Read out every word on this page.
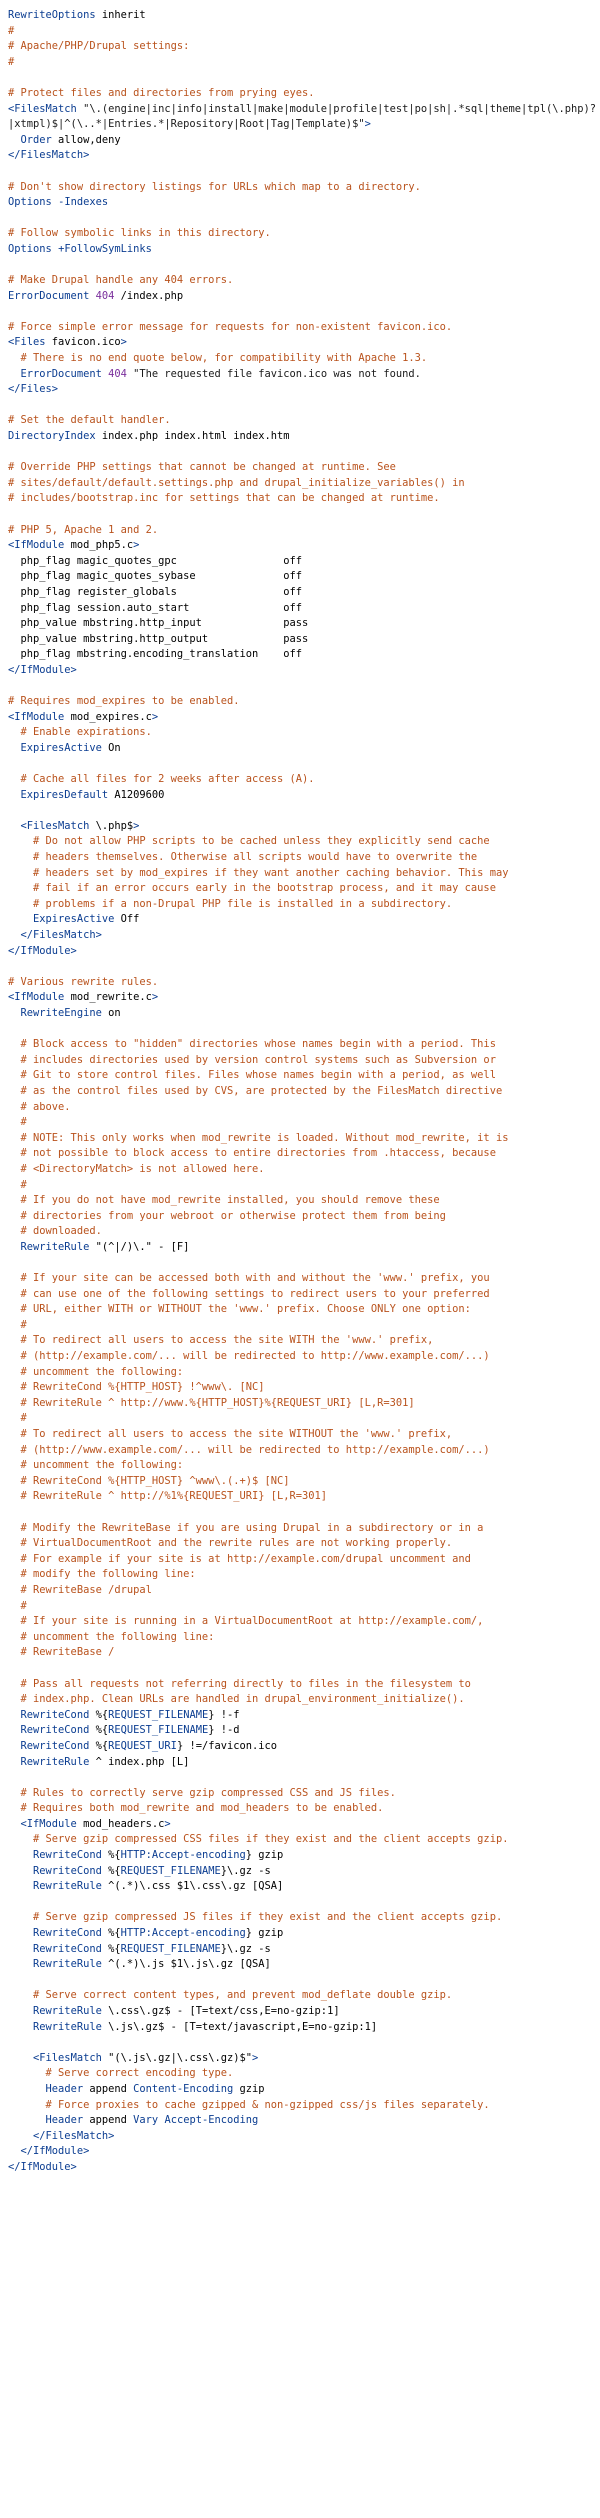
RewriteOptions inherit
#
# Apache/PHP/Drupal settings:
#
# Protect files and directories from prying eyes.
<FilesMatch "\.(engine|inc|info|install|make|module|profile|test|po|sh|.*sql|theme|tpl(\.php)?
|xtmpl)$|^(\..*|Entries.*|Repository|Root|Tag|Template)$">
Order allow,deny
</FilesMatch>
# Don't show directory listings for URLs which map to a directory.
Options -Indexes
# Follow symbolic links in this directory.
Options +FollowSymLinks
# Make Drupal handle any 404 errors.
ErrorDocument 404 /index.php
# Force simple error message for requests for non-existent favicon.ico.
<Files favicon.ico>
# There is no end quote below, for compatibility with Apache 1.3.
ErrorDocument 404 "The requested file favicon.ico was not found.
</Files>
# Set the default handler.
DirectoryIndex index.php index.html index.htm
# Override PHP settings that cannot be changed at runtime. See
# sites/default/default.settings.php and drupal_initialize_variables() in
# includes/bootstrap.inc for settings that can be changed at runtime.
# PHP 5, Apache 1 and 2.
<IfModule mod_php5.c>
php_flag magic_quotes_gpc                 off
php_flag magic_quotes_sybase              off
php_flag register_globals                 off
php_flag session.auto_start               off
php_value mbstring.http_input             pass
php_value mbstring.http_output            pass
php_flag mbstring.encoding_translation    off
</IfModule>
# Requires mod_expires to be enabled.
<IfModule mod_expires.c>
# Enable expirations.
ExpiresActive On
# Cache all files for 2 weeks after access (A).
ExpiresDefault A1209600
<FilesMatch \.php$>
# Do not allow PHP scripts to be cached unless they explicitly send cache
# headers themselves. Otherwise all scripts would have to overwrite the
# headers set by mod_expires if they want another caching behavior. This may
# fail if an error occurs early in the bootstrap process, and it may cause
# problems if a non-Drupal PHP file is installed in a subdirectory.
ExpiresActive Off
</FilesMatch>
</IfModule>
# Various rewrite rules.
<IfModule mod_rewrite.c>
RewriteEngine on
# Block access to "hidden" directories whose names begin with a period. This
# includes directories used by version control systems such as Subversion or
# Git to store control files. Files whose names begin with a period, as well
# as the control files used by CVS, are protected by the FilesMatch directive
# above.
#
# NOTE: This only works when mod_rewrite is loaded. Without mod_rewrite, it is
# not possible to block access to entire directories from .htaccess, because
# <DirectoryMatch> is not allowed here.
#
# If you do not have mod_rewrite installed, you should remove these
# directories from your webroot or otherwise protect them from being
# downloaded.
RewriteRule "(^|/)\." - [F]
# If your site can be accessed both with and without the 'www.' prefix, you
# can use one of the following settings to redirect users to your preferred
# URL, either WITH or WITHOUT the 'www.' prefix. Choose ONLY one option:
#
# To redirect all users to access the site WITH the 'www.' prefix,
# (http://example.com/... will be redirected to http://www.example.com/...)
# uncomment the following:
# RewriteCond %{HTTP_HOST} !^www\. [NC]
# RewriteRule ^ http://www.%{HTTP_HOST}%{REQUEST_URI} [L,R=301]
#
# To redirect all users to access the site WITHOUT the 'www.' prefix,
# (http://www.example.com/... will be redirected to http://example.com/...)
# uncomment the following:
# RewriteCond %{HTTP_HOST} ^www\.(.+)$ [NC]
# RewriteRule ^ http://%1%{REQUEST_URI} [L,R=301]
# Modify the RewriteBase if you are using Drupal in a subdirectory or in a
# VirtualDocumentRoot and the rewrite rules are not working properly.
# For example if your site is at http://example.com/drupal uncomment and
# modify the following line:
# RewriteBase /drupal
#
# If your site is running in a VirtualDocumentRoot at http://example.com/,
# uncomment the following line:
# RewriteBase /
# Pass all requests not referring directly to files in the filesystem to
# index.php. Clean URLs are handled in drupal_environment_initialize().
RewriteCond %{REQUEST_FILENAME} !-f
RewriteCond %{REQUEST_FILENAME} !-d
RewriteCond %{REQUEST_URI} !=/favicon.ico
RewriteRule ^ index.php [L]
# Rules to correctly serve gzip compressed CSS and JS files.
# Requires both mod_rewrite and mod_headers to be enabled.
<IfModule mod_headers.c>
# Serve gzip compressed CSS files if they exist and the client accepts gzip.
RewriteCond %{HTTP:Accept-encoding} gzip
RewriteCond %{REQUEST_FILENAME}\.gz -s
RewriteRule ^(.*)\.css $1\.css\.gz [QSA]
# Serve gzip compressed JS files if they exist and the client accepts gzip.
RewriteCond %{HTTP:Accept-encoding} gzip
RewriteCond %{REQUEST_FILENAME}\.gz -s
RewriteRule ^(.*)\.js $1\.js\.gz [QSA]
# Serve correct content types, and prevent mod_deflate double gzip.
RewriteRule \.css\.gz$ - [T=text/css,E=no-gzip:1]
RewriteRule \.js\.gz$ - [T=text/javascript,E=no-gzip:1]
<FilesMatch "(\.js\.gz|\.css\.gz)$">
# Serve correct encoding type.
Header append Content-Encoding gzip
# Force proxies to cache gzipped & non-gzipped css/js files separately.
Header append Vary Accept-Encoding
</FilesMatch>
</IfModule>
</IfModule>
